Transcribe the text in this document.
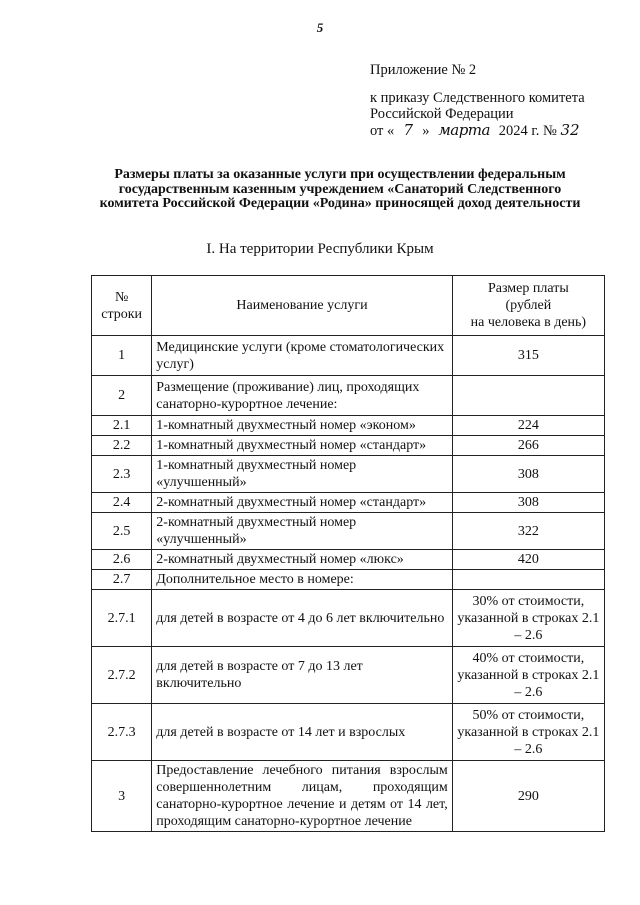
5
Приложение № 2
к приказу Следственного комитета
Российской Федерации
от « 7 » марта 2024 г. № 32
Размеры платы за оказанные услуги при осуществлении федеральным государственным казенным учреждением «Санаторий Следственного комитета Российской Федерации «Родина» приносящей доход деятельности
I. На территории Республики Крым
№
строки	Наименование услуги	Размер платы
(рублей
на человека в день)
1	Медицинские услуги (кроме стоматологических услуг)	315
2	Размещение (проживание) лиц, проходящих санаторно-курортное лечение:	
2.1	1-комнатный двухместный номер «эконом»	224
2.2	1-комнатный двухместный номер «стандарт»	266
2.3	1-комнатный двухместный номер «улучшенный»	308
2.4	2-комнатный двухместный номер «стандарт»	308
2.5	2-комнатный двухместный номер «улучшенный»	322
2.6	2-комнатный двухместный номер «люкс»	420
2.7	Дополнительное место в номере:	
2.7.1	для детей в возрасте от 4 до 6 лет включительно	30% от стоимости, указанной в строках 2.1 – 2.6
2.7.2	для детей в возрасте от 7 до 13 лет включительно	40% от стоимости, указанной в строках 2.1 – 2.6
2.7.3	для детей в возрасте от 14 лет и взрослых	50% от стоимости, указанной в строках 2.1 – 2.6
3	Предоставление лечебного питания взрослым совершеннолетним лицам, проходящим санаторно-курортное лечение и детям от 14 лет, проходящим санаторно-курортное лечение	290
